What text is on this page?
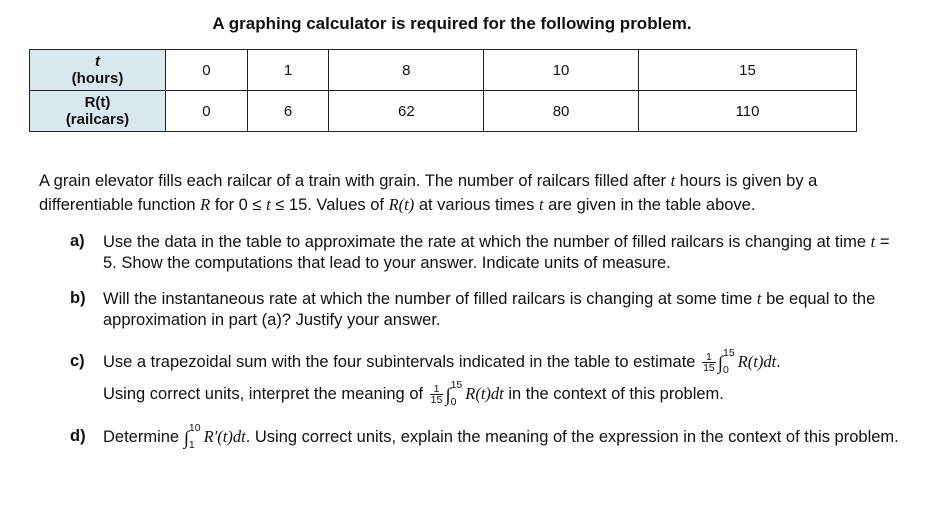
A graphing calculator is required for the following problem.
t
(hours)	0	1	8	10	15
R(t)
(railcars)	0	6	62	80	110
A grain elevator fills each railcar of a train with grain. The number of railcars filled after t hours is given by a differentiable function R for 0 ≤ t ≤ 15. Values of R(t) at various times t are given in the table above.
a) Use the data in the table to approximate the rate at which the number of filled railcars is changing at time t = 5. Show the computations that lead to your answer. Indicate units of measure.
b) Will the instantaneous rate at which the number of filled railcars is changing at some time t be equal to the approximation in part (a)? Justify your answer.
c) Use a trapezoidal sum with the four subintervals indicated in the table to estimate $\frac{1}{15}$ ∫
15
0 R(t)dt.
Using correct units, interpret the meaning of $\frac{1}{15}$ ∫
15
0 R(t)dt in the context of this problem.
d) Determine ∫
10
1 R′(t)dt. Using correct units, explain the meaning of the expression in the context of this problem.
